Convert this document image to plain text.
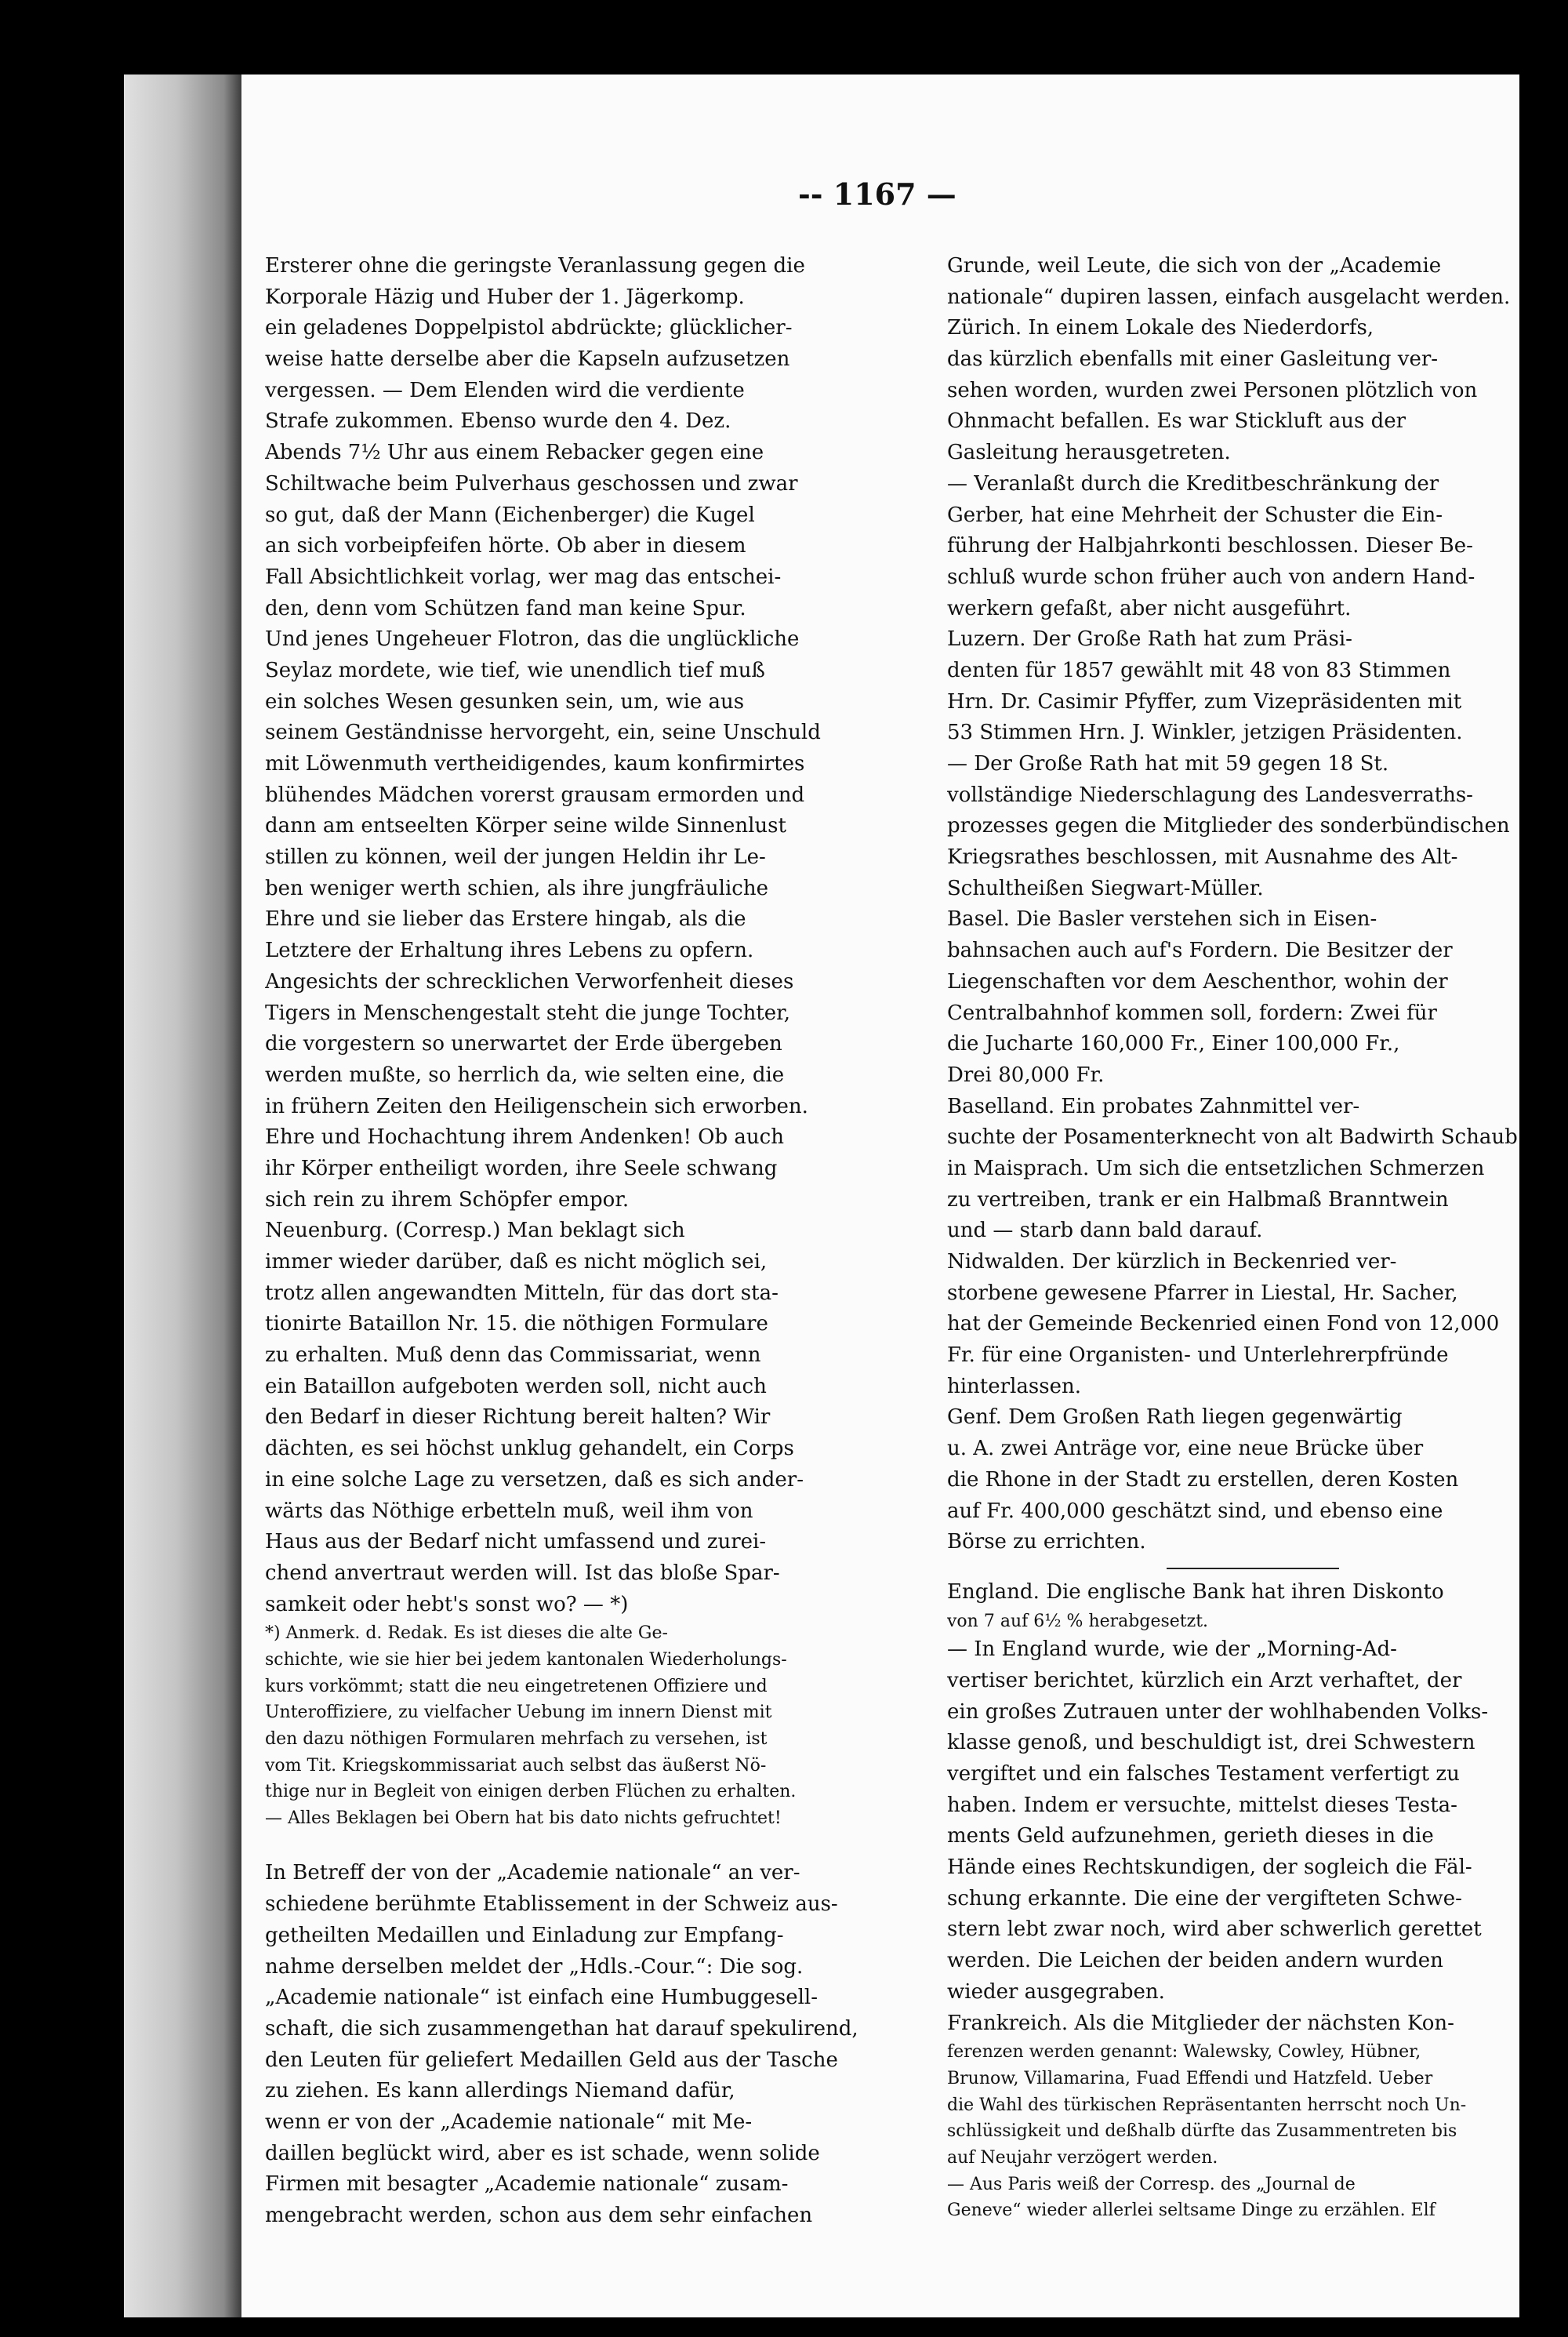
-- 1167 —
Ersterer ohne die geringste Veranlassung gegen die
Korporale Häzig und Huber der 1. Jägerkomp.
ein geladenes Doppelpistol abdrückte; glücklicher-
weise hatte derselbe aber die Kapseln aufzusetzen
vergessen. — Dem Elenden wird die verdiente
Strafe zukommen. Ebenso wurde den 4. Dez.
Abends 7½ Uhr aus einem Rebacker gegen eine
Schiltwache beim Pulverhaus geschossen und zwar
so gut, daß der Mann (Eichenberger) die Kugel
an sich vorbeipfeifen hörte. Ob aber in diesem
Fall Absichtlichkeit vorlag, wer mag das entschei-
den, denn vom Schützen fand man keine Spur.
Und jenes Ungeheuer Flotron, das die unglückliche
Seylaz mordete, wie tief, wie unendlich tief muß
ein solches Wesen gesunken sein, um, wie aus
seinem Geständnisse hervorgeht, ein, seine Unschuld
mit Löwenmuth vertheidigendes, kaum konfirmirtes
blühendes Mädchen vorerst grausam ermorden und
dann am entseelten Körper seine wilde Sinnenlust
stillen zu können, weil der jungen Heldin ihr Le-
ben weniger werth schien, als ihre jungfräuliche
Ehre und sie lieber das Erstere hingab, als die
Letztere der Erhaltung ihres Lebens zu opfern.
Angesichts der schrecklichen Verworfenheit dieses
Tigers in Menschengestalt steht die junge Tochter,
die vorgestern so unerwartet der Erde übergeben
werden mußte, so herrlich da, wie selten eine, die
in frühern Zeiten den Heiligenschein sich erworben.
Ehre und Hochachtung ihrem Andenken! Ob auch
ihr Körper entheiligt worden, ihre Seele schwang
sich rein zu ihrem Schöpfer empor.
Neuenburg. (Corresp.) Man beklagt sich
immer wieder darüber, daß es nicht möglich sei,
trotz allen angewandten Mitteln, für das dort sta-
tionirte Bataillon Nr. 15. die nöthigen Formulare
zu erhalten. Muß denn das Commissariat, wenn
ein Bataillon aufgeboten werden soll, nicht auch
den Bedarf in dieser Richtung bereit halten? Wir
dächten, es sei höchst unklug gehandelt, ein Corps
in eine solche Lage zu versetzen, daß es sich ander-
wärts das Nöthige erbetteln muß, weil ihm von
Haus aus der Bedarf nicht umfassend und zurei-
chend anvertraut werden will. Ist das bloße Spar-
samkeit oder hebt's sonst wo? — *)
*) Anmerk. d. Redak. Es ist dieses die alte Ge-
schichte, wie sie hier bei jedem kantonalen Wiederholungs-
kurs vorkömmt; statt die neu eingetretenen Offiziere und
Unteroffiziere, zu vielfacher Uebung im innern Dienst mit
den dazu nöthigen Formularen mehrfach zu versehen, ist
vom Tit. Kriegskommissariat auch selbst das äußerst Nö-
thige nur in Begleit von einigen derben Flüchen zu erhalten.
— Alles Beklagen bei Obern hat bis dato nichts gefruchtet!
In Betreff der von der „Academie nationale“ an ver-
schiedene berühmte Etablissement in der Schweiz aus-
getheilten Medaillen und Einladung zur Empfang-
nahme derselben meldet der „Hdls.-Cour.“: Die sog.
„Academie nationale“ ist einfach eine Humbuggesell-
schaft, die sich zusammengethan hat darauf spekulirend,
den Leuten für geliefert Medaillen Geld aus der Tasche
zu ziehen. Es kann allerdings Niemand dafür,
wenn er von der „Academie nationale“ mit Me-
daillen beglückt wird, aber es ist schade, wenn solide
Firmen mit besagter „Academie nationale“ zusam-
mengebracht werden, schon aus dem sehr einfachen
Grunde, weil Leute, die sich von der „Academie
nationale“ dupiren lassen, einfach ausgelacht werden.
Zürich. In einem Lokale des Niederdorfs,
das kürzlich ebenfalls mit einer Gasleitung ver-
sehen worden, wurden zwei Personen plötzlich von
Ohnmacht befallen. Es war Stickluft aus der
Gasleitung herausgetreten.
— Veranlaßt durch die Kreditbeschränkung der
Gerber, hat eine Mehrheit der Schuster die Ein-
führung der Halbjahrkonti beschlossen. Dieser Be-
schluß wurde schon früher auch von andern Hand-
werkern gefaßt, aber nicht ausgeführt.
Luzern. Der Große Rath hat zum Präsi-
denten für 1857 gewählt mit 48 von 83 Stimmen
Hrn. Dr. Casimir Pfyffer, zum Vizepräsidenten mit
53 Stimmen Hrn. J. Winkler, jetzigen Präsidenten.
— Der Große Rath hat mit 59 gegen 18 St.
vollständige Niederschlagung des Landesverraths-
prozesses gegen die Mitglieder des sonderbündischen
Kriegsrathes beschlossen, mit Ausnahme des Alt-
Schultheißen Siegwart-Müller.
Basel. Die Basler verstehen sich in Eisen-
bahnsachen auch auf's Fordern. Die Besitzer der
Liegenschaften vor dem Aeschenthor, wohin der
Centralbahnhof kommen soll, fordern: Zwei für
die Jucharte 160,000 Fr., Einer 100,000 Fr.,
Drei 80,000 Fr.
Baselland. Ein probates Zahnmittel ver-
suchte der Posamenterknecht von alt Badwirth Schaub
in Maisprach. Um sich die entsetzlichen Schmerzen
zu vertreiben, trank er ein Halbmaß Branntwein
und — starb dann bald darauf.
Nidwalden. Der kürzlich in Beckenried ver-
storbene gewesene Pfarrer in Liestal, Hr. Sacher,
hat der Gemeinde Beckenried einen Fond von 12,000
Fr. für eine Organisten- und Unterlehrerpfründe
hinterlassen.
Genf. Dem Großen Rath liegen gegenwärtig
u. A. zwei Anträge vor, eine neue Brücke über
die Rhone in der Stadt zu erstellen, deren Kosten
auf Fr. 400,000 geschätzt sind, und ebenso eine
Börse zu errichten.
England. Die englische Bank hat ihren Diskonto
von 7 auf 6½ % herabgesetzt.
— In England wurde, wie der „Morning-Ad-
vertiser berichtet, kürzlich ein Arzt verhaftet, der
ein großes Zutrauen unter der wohlhabenden Volks-
klasse genoß, und beschuldigt ist, drei Schwestern
vergiftet und ein falsches Testament verfertigt zu
haben. Indem er versuchte, mittelst dieses Testa-
ments Geld aufzunehmen, gerieth dieses in die
Hände eines Rechtskundigen, der sogleich die Fäl-
schung erkannte. Die eine der vergifteten Schwe-
stern lebt zwar noch, wird aber schwerlich gerettet
werden. Die Leichen der beiden andern wurden
wieder ausgegraben.
Frankreich. Als die Mitglieder der nächsten Kon-
ferenzen werden genannt: Walewsky, Cowley, Hübner,
Brunow, Villamarina, Fuad Effendi und Hatzfeld. Ueber
die Wahl des türkischen Repräsentanten herrscht noch Un-
schlüssigkeit und deßhalb dürfte das Zusammentreten bis
auf Neujahr verzögert werden.
— Aus Paris weiß der Corresp. des „Journal de
Geneve“ wieder allerlei seltsame Dinge zu erzählen. Elf
